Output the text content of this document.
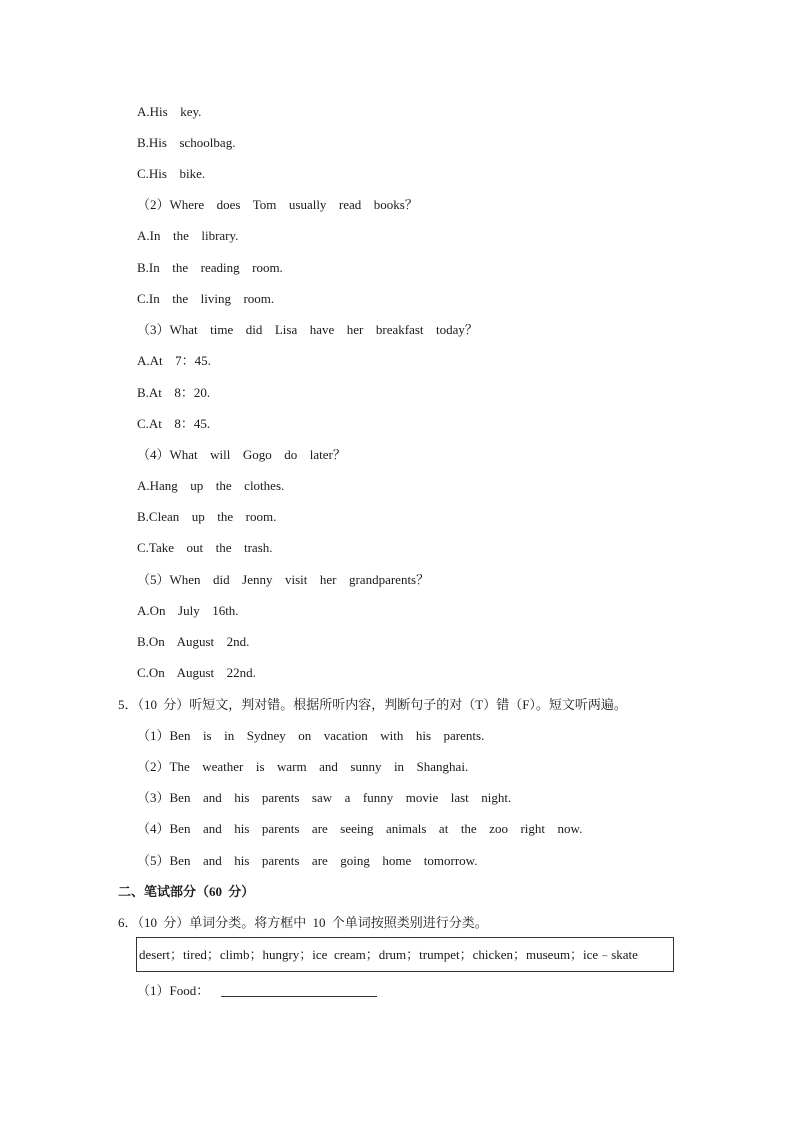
A.His  key.
B.His  schoolbag.
C.His  bike.
（2）Where  does  Tom  usually  read  books？
A.In  the  library.
B.In  the  reading  room.
C.In  the  living  room.
（3）What  time  did  Lisa  have  her  breakfast  today？
A.At  7：45.
B.At  8：20.
C.At  8：45.
（4）What  will  Gogo  do  later？
A.Hang  up  the  clothes.
B.Clean  up  the  room.
C.Take  out  the  trash.
（5）When  did  Jenny  visit  her  grandparents？
A.On  July  16th.
B.On  August  2nd.
C.On  August  22nd.
5．（10 分）听短文，判对错。根据所听内容，判断句子的对（T）错（F）。短文听两遍。
（1）Ben  is  in  Sydney  on  vacation  with  his  parents.
（2）The  weather  is  warm  and  sunny  in  Shanghai.
（3）Ben  and  his  parents  saw  a  funny  movie  last  night.
（4）Ben  and  his  parents  are  seeing  animals  at  the  zoo  right  now.
（5）Ben  and  his  parents  are  going  home  tomorrow.
二、笔试部分（60 分）
6．（10 分）单词分类。将方框中 10 个单词按照类别进行分类。
desert；tired；climb；hungry；ice  cream；drum；trumpet；chicken；museum；ice﹣skate
（1）Food：
